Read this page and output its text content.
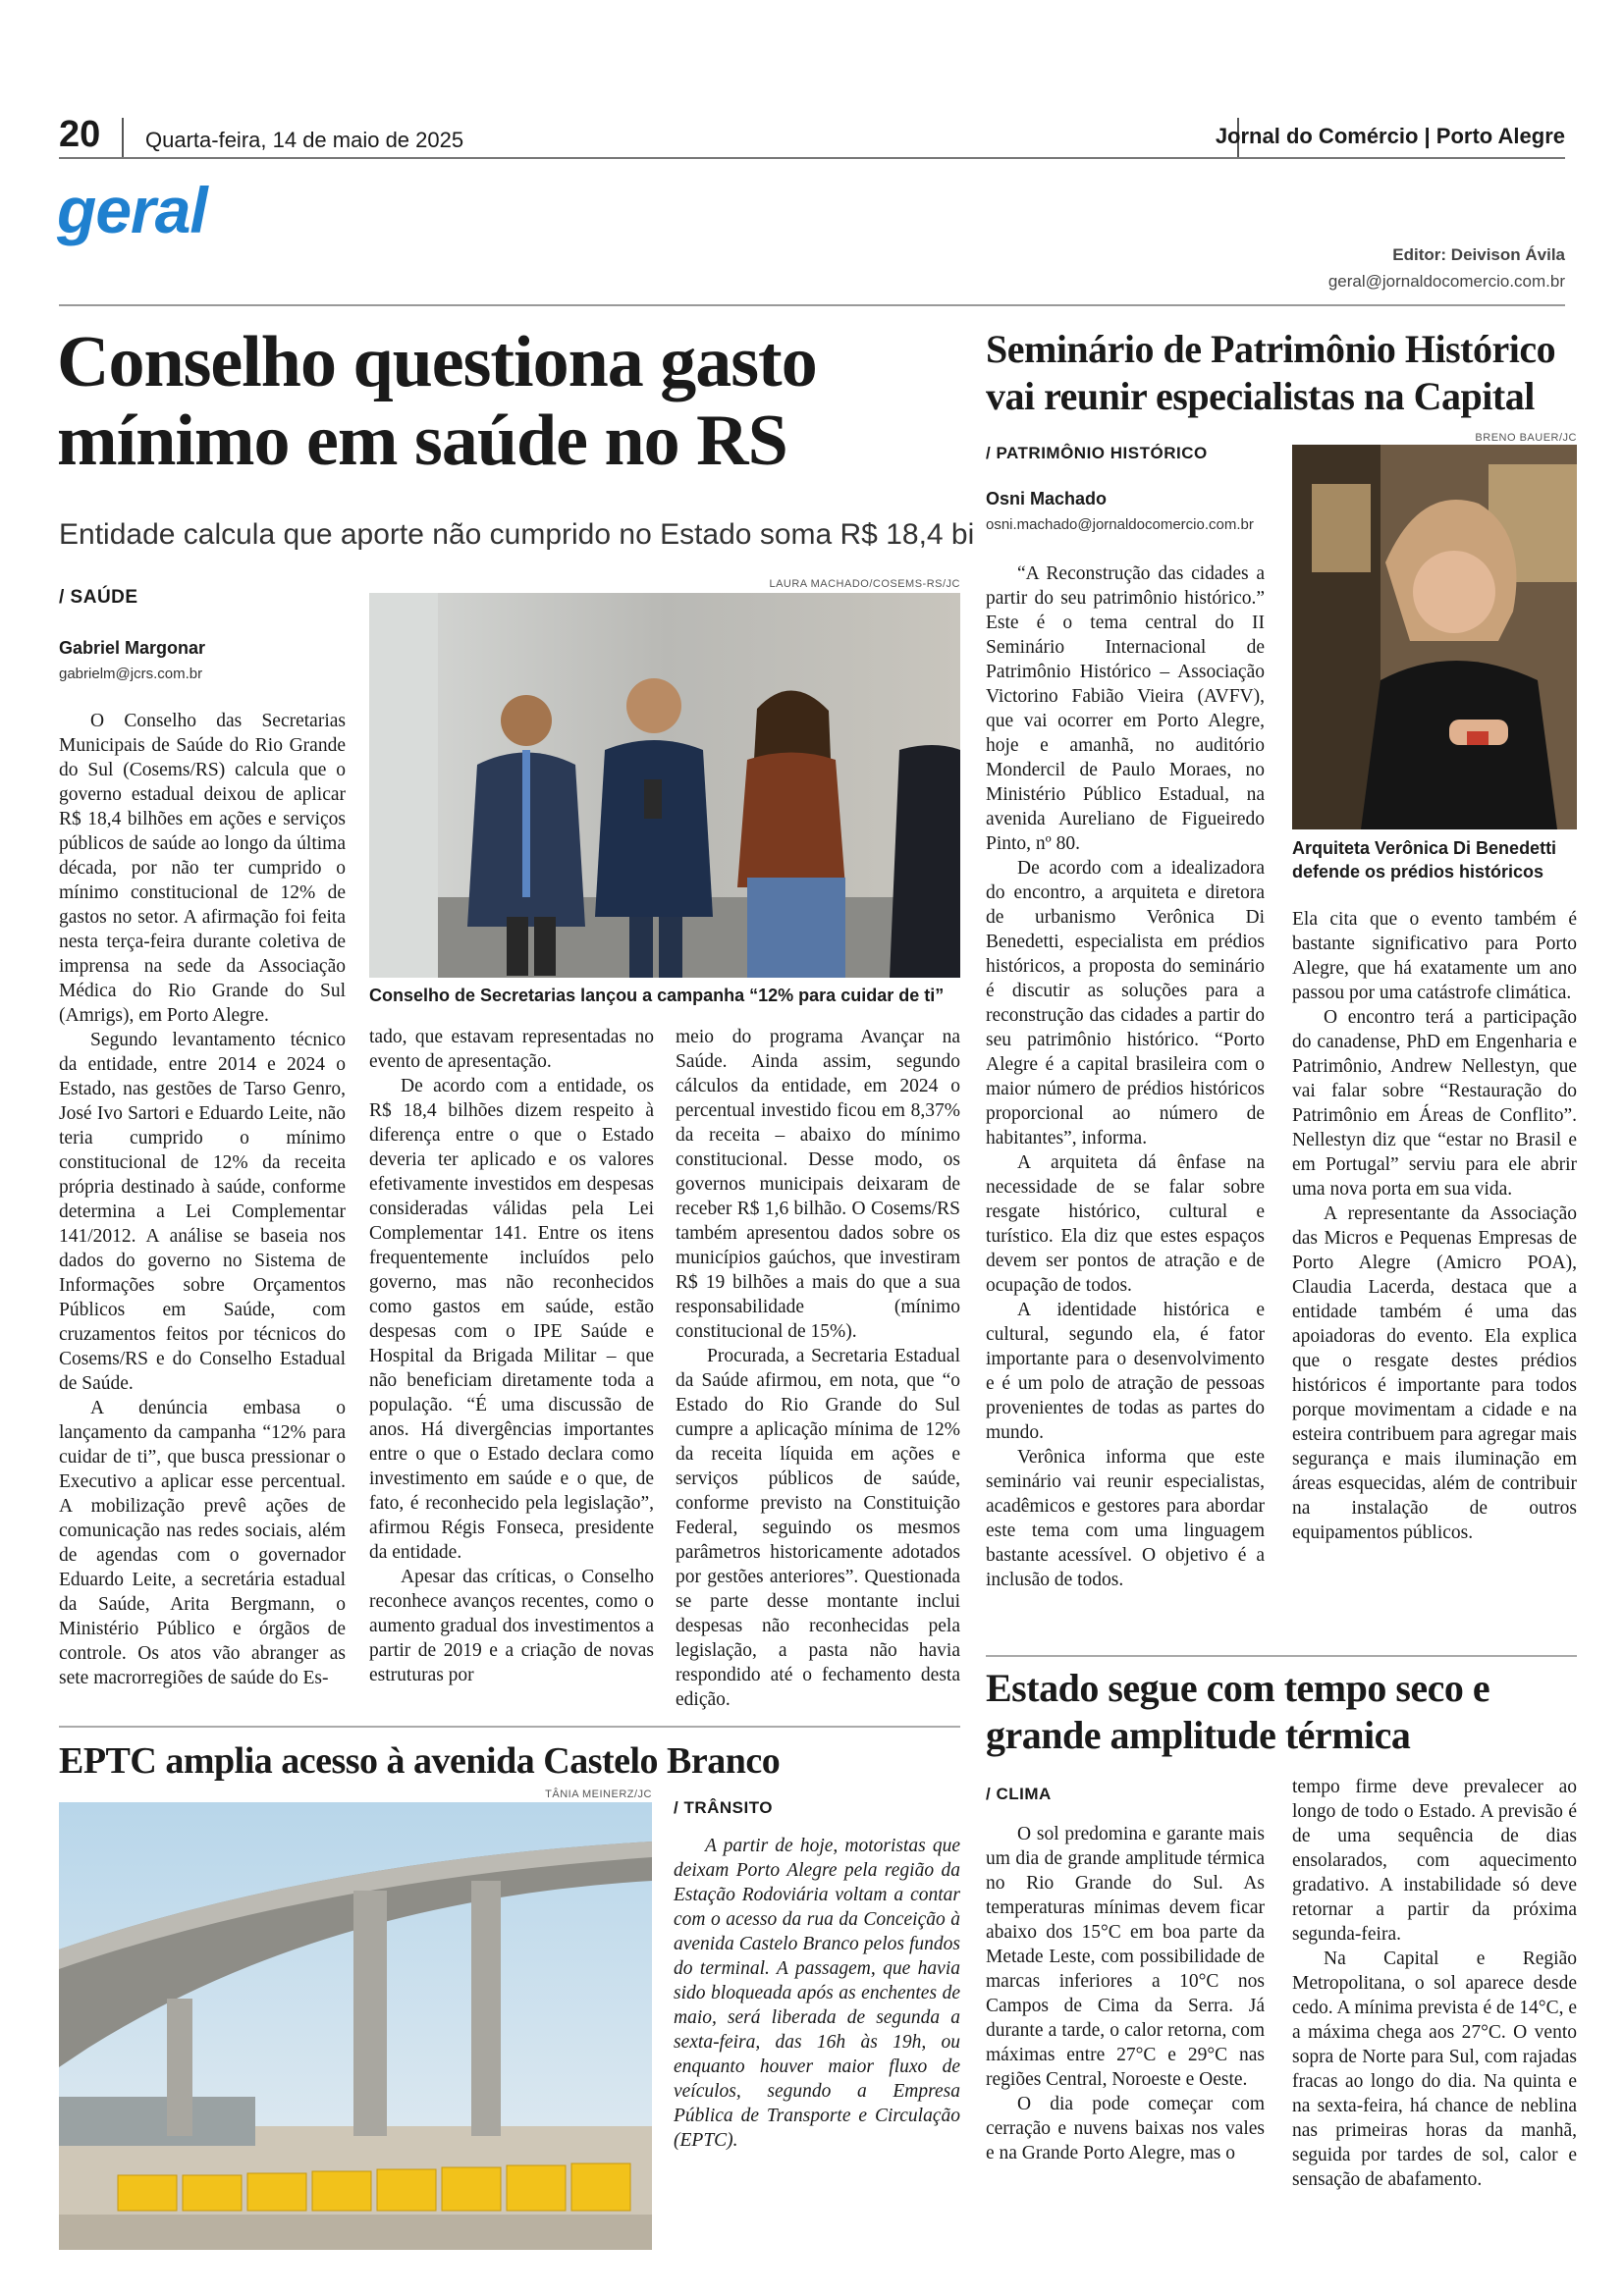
20 Quarta-feira, 14 de maio de 2025	Jornal do Comércio | Porto Alegre
geral
Editor: Deivison Ávila
geral@jornaldocomercio.com.br
Conselho questiona gasto mínimo em saúde no RS
Entidade calcula que aporte não cumprido no Estado soma R$ 18,4 bi
/ SAÚDE
Gabriel Margonar
gabrielm@jcrs.com.br
LAURA MACHADO/COSEMS-RS/JC
Conselho de Secretarias lançou a campanha “12% para cuidar de ti”

O Conselho das Secretarias Municipais de Saúde do Rio Grande do Sul (Cosems/RS) calcula que o governo estadual deixou de aplicar R$ 18,4 bilhões em ações e serviços públicos de saúde ao longo da última década, por não ter cumprido o mínimo constitucional de 12% de gastos no setor. A afirmação foi feita nesta terça-feira durante coletiva de imprensa na sede da Associação Médica do Rio Grande do Sul (Amrigs), em Porto Alegre.

Segundo levantamento técnico da entidade, entre 2014 e 2024 o Estado, nas gestões de Tarso Genro, José Ivo Sartori e Eduardo Leite, não teria cumprido o mínimo constitucional de 12% da receita própria destinado à saúde, conforme determina a Lei Complementar 141/2012. A análise se baseia nos dados do governo no Sistema de Informações sobre Orçamentos Públicos em Saúde, com cruzamentos feitos por técnicos do Cosems/RS e do Conselho Estadual de Saúde.

A denúncia embasa o lançamento da campanha “12% para cuidar de ti”, que busca pressionar o Executivo a aplicar esse percentual. A mobilização prevê ações de comunicação nas redes sociais, além de agendas com o governador Eduardo Leite, a secretária estadual da Saúde, Arita Bergmann, o Ministério Público e órgãos de controle. Os atos vão abranger as sete macrorregiões de saúde do Es-

tado, que estavam representadas no evento de apresentação.

De acordo com a entidade, os R$ 18,4 bilhões dizem respeito à diferença entre o que o Estado deveria ter aplicado e os valores efetivamente investidos em despesas consideradas válidas pela Lei Complementar 141. Entre os itens frequentemente incluídos pelo governo, mas não reconhecidos como gastos em saúde, estão despesas com o IPE Saúde e Hospital da Brigada Militar – que não beneficiam diretamente toda a população. “É uma discussão de anos. Há divergências importantes entre o que o Estado declara como investimento em saúde e o que, de fato, é reconhecido pela legislação”, afirmou Régis Fonseca, presidente da entidade.

Apesar das críticas, o Conselho reconhece avanços recentes, como o aumento gradual dos investimentos a partir de 2019 e a criação de novas estruturas por

meio do programa Avançar na Saúde. Ainda assim, segundo cálculos da entidade, em 2024 o percentual investido ficou em 8,37% da receita – abaixo do mínimo constitucional. Desse modo, os governos municipais deixaram de receber R$ 1,6 bilhão. O Cosems/RS também apresentou dados sobre os municípios gaúchos, que investiram R$ 19 bilhões a mais do que a sua responsabilidade (mínimo constitucional de 15%).

Procurada, a Secretaria Estadual da Saúde afirmou, em nota, que “o Estado do Rio Grande do Sul cumpre a aplicação mínima de 12% da receita líquida em ações e serviços públicos de saúde, conforme previsto na Constituição Federal, seguindo os mesmos parâmetros historicamente adotados por gestões anteriores”. Questionada se parte desse montante inclui despesas não reconhecidas pela legislação, a pasta não havia respondido até o fechamento desta edição.

Seminário de Patrimônio Histórico vai reunir especialistas na Capital
/ PATRIMÔNIO HISTÓRICO
Osni Machado
osni.machado@jornaldocomercio.com.br

“A Reconstrução das cidades a partir do seu patrimônio histórico.” Este é o tema central do II Seminário Internacional de Patrimônio Histórico – Associação Victorino Fabião Vieira (AVFV), que vai ocorrer em Porto Alegre, hoje e amanhã, no auditório Mondercil de Paulo Moraes, no Ministério Público Estadual, na avenida Aureliano de Figueiredo Pinto, nº 80.

De acordo com a idealizadora do encontro, a arquiteta e diretora de urbanismo Verônica Di Benedetti, especialista em prédios históricos, a proposta do seminário é discutir as soluções para a reconstrução das cidades a partir do seu patrimônio histórico. “Porto Alegre é a capital brasileira com o maior número de prédios históricos proporcional ao número de habitantes”, informa.

A arquiteta dá ênfase na necessidade de se falar sobre resgate histórico, cultural e turístico. Ela diz que estes espaços devem ser pontos de atração e de ocupação de todos.

A identidade histórica e cultural, segundo ela, é fator importante para o desenvolvimento e é um polo de atração de pessoas provenientes de todas as partes do mundo.

Verônica informa que este seminário vai reunir especialistas, acadêmicos e gestores para abordar este tema com uma linguagem bastante acessível. O objetivo é a inclusão de todos.

BRENO BAUER/JC
Arquiteta Verônica Di Benedetti defende os prédios históricos

Ela cita que o evento também é bastante significativo para Porto Alegre, que há exatamente um ano passou por uma catástrofe climática.

O encontro terá a participação do canadense, PhD em Engenharia e Patrimônio, Andrew Nellestyn, que vai falar sobre “Restauração do Patrimônio em Áreas de Conflito”. Nellestyn diz que “estar no Brasil e em Portugal” serviu para ele abrir uma nova porta em sua vida.

A representante da Associação das Micros e Pequenas Empresas de Porto Alegre (Amicro POA), Claudia Lacerda, destaca que a entidade também é uma das apoiadoras do evento. Ela explica que o resgate destes prédios históricos é importante para todos porque movimentam a cidade e na esteira contribuem para agregar mais segurança e mais iluminação em áreas esquecidas, além de contribuir na instalação de outros equipamentos públicos.

EPTC amplia acesso à avenida Castelo Branco
TÂNIA MEINERZ/JC
/ TRÂNSITO

A partir de hoje, motoristas que deixam Porto Alegre pela região da Estação Rodoviária voltam a contar com o acesso da rua da Conceição à avenida Castelo Branco pelos fundos do terminal. A passagem, que havia sido bloqueada após as enchentes de maio, será liberada de segunda a sexta-feira, das 16h às 19h, ou enquanto houver maior fluxo de veículos, segundo a Empresa Pública de Transporte e Circulação (EPTC).

Estado segue com tempo seco e grande amplitude térmica
/ CLIMA

O sol predomina e garante mais um dia de grande amplitude térmica no Rio Grande do Sul. As temperaturas mínimas devem ficar abaixo dos 15°C em boa parte da Metade Leste, com possibilidade de marcas inferiores a 10°C nos Campos de Cima da Serra. Já durante a tarde, o calor retorna, com máximas entre 27°C e 29°C nas regiões Central, Noroeste e Oeste.

O dia pode começar com cerração e nuvens baixas nos vales e na Grande Porto Alegre, mas o

tempo firme deve prevalecer ao longo de todo o Estado. A previsão é de uma sequência de dias ensolarados, com aquecimento gradativo. A instabilidade só deve retornar a partir da próxima segunda-feira.

Na Capital e Região Metropolitana, o sol aparece desde cedo. A mínima prevista é de 14°C, e a máxima chega aos 27°C. O vento sopra de Norte para Sul, com rajadas fracas ao longo do dia. Na quinta e na sexta-feira, há chance de neblina nas primeiras horas da manhã, seguida por tardes de sol, calor e sensação de abafamento.
